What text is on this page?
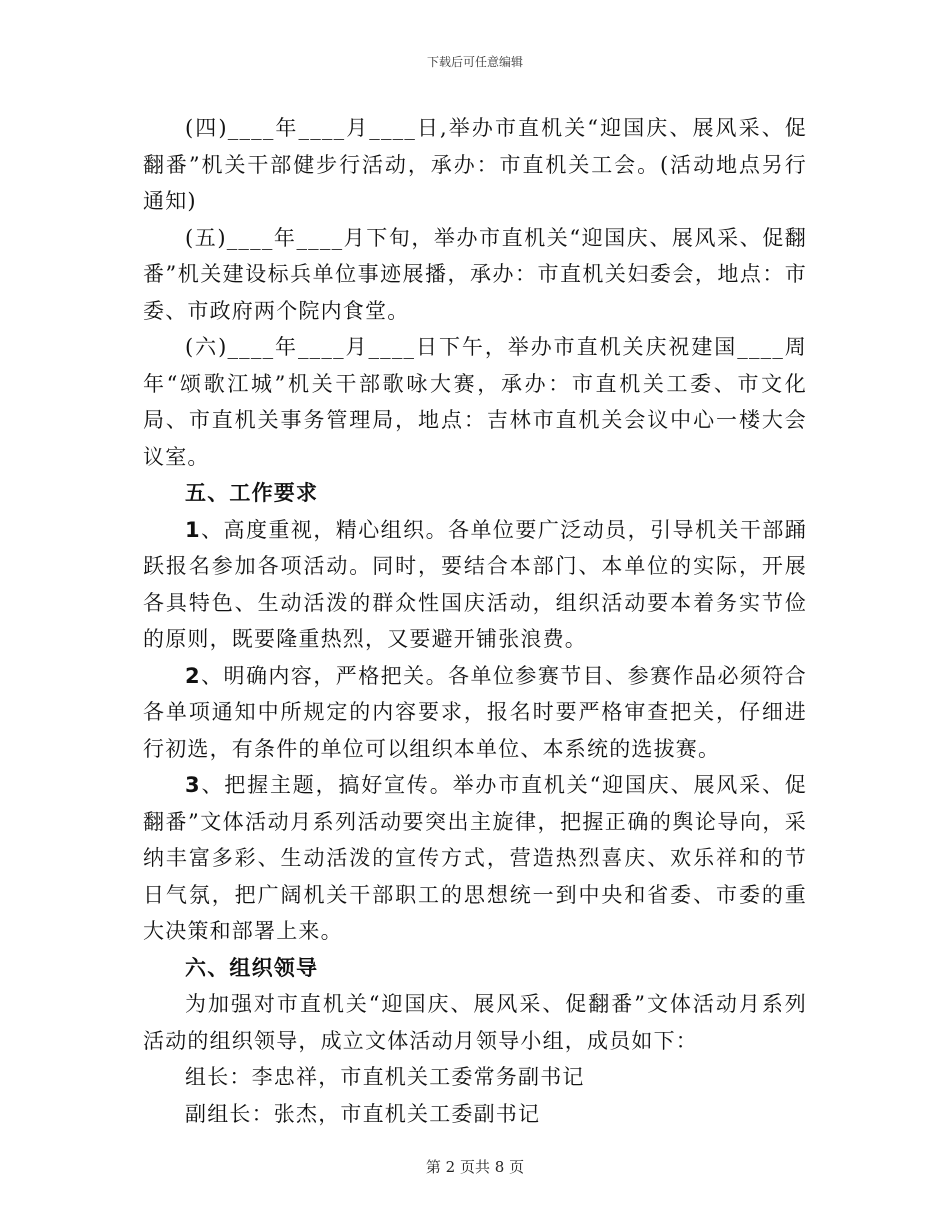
下载后可任意编辑

(四)____年____月____日,举办市直机关“迎国庆、展风采、促翻番”机关干部健步行活动，承办：市直机关工会。(活动地点另行通知)

(五)____年____月下旬，举办市直机关“迎国庆、展风采、促翻番”机关建设标兵单位事迹展播，承办：市直机关妇委会，地点：市委、市政府两个院内食堂。

(六)____年____月____日下午，举办市直机关庆祝建国____周年“颂歌江城”机关干部歌咏大赛，承办：市直机关工委、市文化局、市直机关事务管理局，地点：吉林市直机关会议中心一楼大会议室。

五、工作要求

1、高度重视，精心组织。各单位要广泛动员，引导机关干部踊跃报名参加各项活动。同时，要结合本部门、本单位的实际，开展各具特色、生动活泼的群众性国庆活动，组织活动要本着务实节俭的原则，既要隆重热烈，又要避开铺张浪费。

2、明确内容，严格把关。各单位参赛节目、参赛作品必须符合各单项通知中所规定的内容要求，报名时要严格审查把关，仔细进行初选，有条件的单位可以组织本单位、本系统的选拔赛。

3、把握主题，搞好宣传。举办市直机关“迎国庆、展风采、促翻番”文体活动月系列活动要突出主旋律，把握正确的舆论导向，采纳丰富多彩、生动活泼的宣传方式，营造热烈喜庆、欢乐祥和的节日气氛，把广阔机关干部职工的思想统一到中央和省委、市委的重大决策和部署上来。

六、组织领导

为加强对市直机关“迎国庆、展风采、促翻番”文体活动月系列活动的组织领导，成立文体活动月领导小组，成员如下：

组长：李忠祥，市直机关工委常务副书记

副组长：张杰，市直机关工委副书记

第 2 页共 8 页
